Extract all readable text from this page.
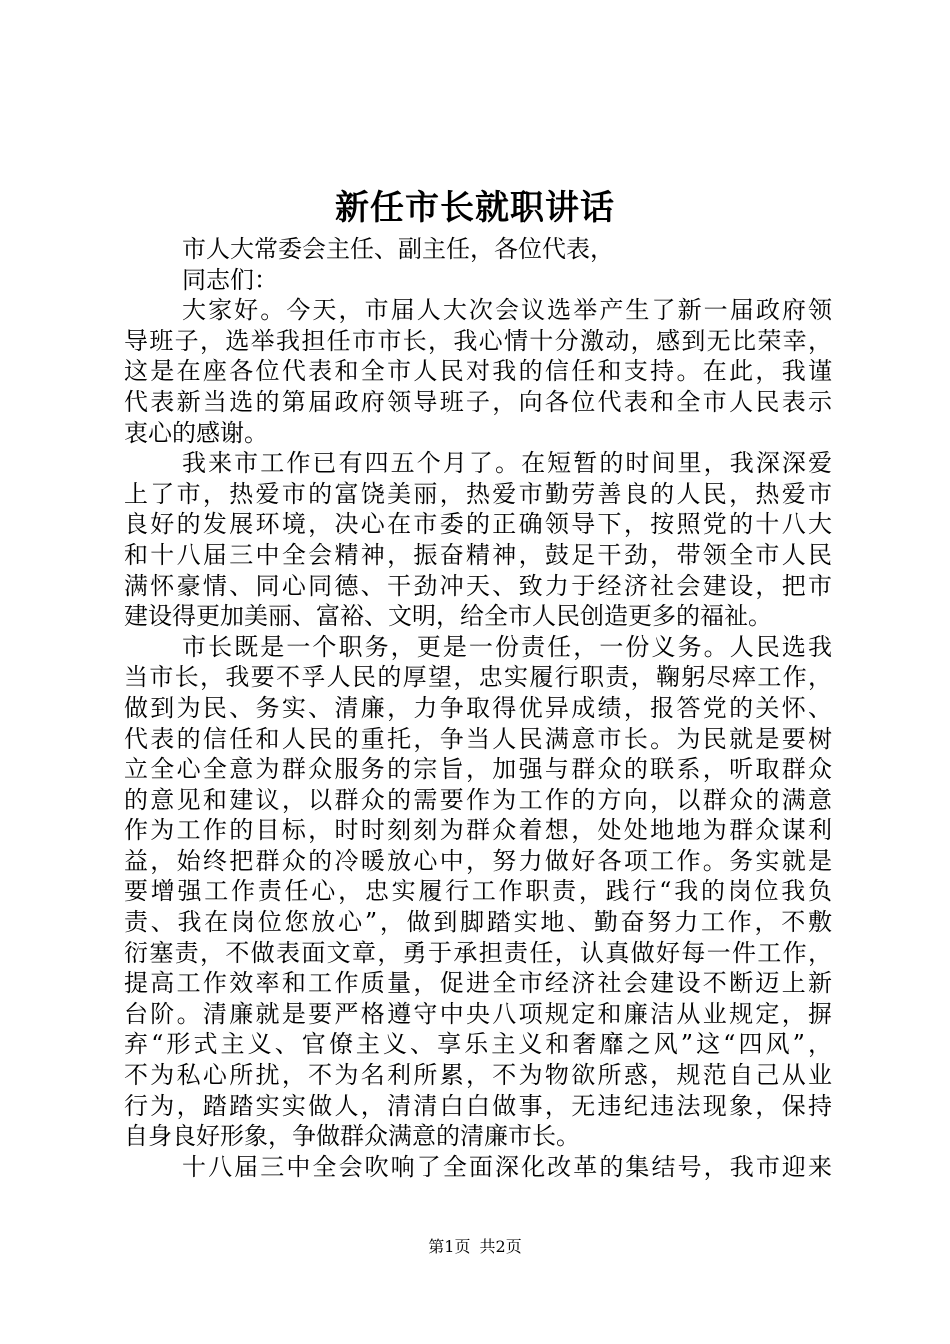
新任市长就职讲话
市人大常委会主任、副主任，各位代表，
同志们：
大家好。今天，市届人大次会议选举产生了新一届政府领
导班子，选举我担任市市长，我心情十分激动，感到无比荣幸，
这是在座各位代表和全市人民对我的信任和支持。在此，我谨
代表新当选的第届政府领导班子，向各位代表和全市人民表示
衷心的感谢。
我来市工作已有四五个月了。在短暂的时间里，我深深爱
上了市，热爱市的富饶美丽，热爱市勤劳善良的人民，热爱市
良好的发展环境，决心在市委的正确领导下，按照党的十八大
和十八届三中全会精神，振奋精神，鼓足干劲，带领全市人民
满怀豪情、同心同德、干劲冲天、致力于经济社会建设，把市
建设得更加美丽、富裕、文明，给全市人民创造更多的福祉。
市长既是一个职务，更是一份责任，一份义务。人民选我
当市长，我要不孚人民的厚望，忠实履行职责，鞠躬尽瘁工作，
做到为民、务实、清廉，力争取得优异成绩，报答党的关怀、
代表的信任和人民的重托，争当人民满意市长。为民就是要树
立全心全意为群众服务的宗旨，加强与群众的联系，听取群众
的意见和建议，以群众的需要作为工作的方向，以群众的满意
作为工作的目标，时时刻刻为群众着想，处处地地为群众谋利
益，始终把群众的冷暖放心中，努力做好各项工作。务实就是
要增强工作责任心，忠实履行工作职责，践行“我的岗位我负
责、我在岗位您放心”，做到脚踏实地、勤奋努力工作，不敷
衍塞责，不做表面文章，勇于承担责任，认真做好每一件工作，
提高工作效率和工作质量，促进全市经济社会建设不断迈上新
台阶。清廉就是要严格遵守中央八项规定和廉洁从业规定，摒
弃“形式主义、官僚主义、享乐主义和奢靡之风”这“四风”，
不为私心所扰，不为名利所累，不为物欲所惑，规范自己从业
行为，踏踏实实做人，清清白白做事，无违纪违法现象，保持
自身良好形象，争做群众满意的清廉市长。
十八届三中全会吹响了全面深化改革的集结号，我市迎来
第1页 共2页
